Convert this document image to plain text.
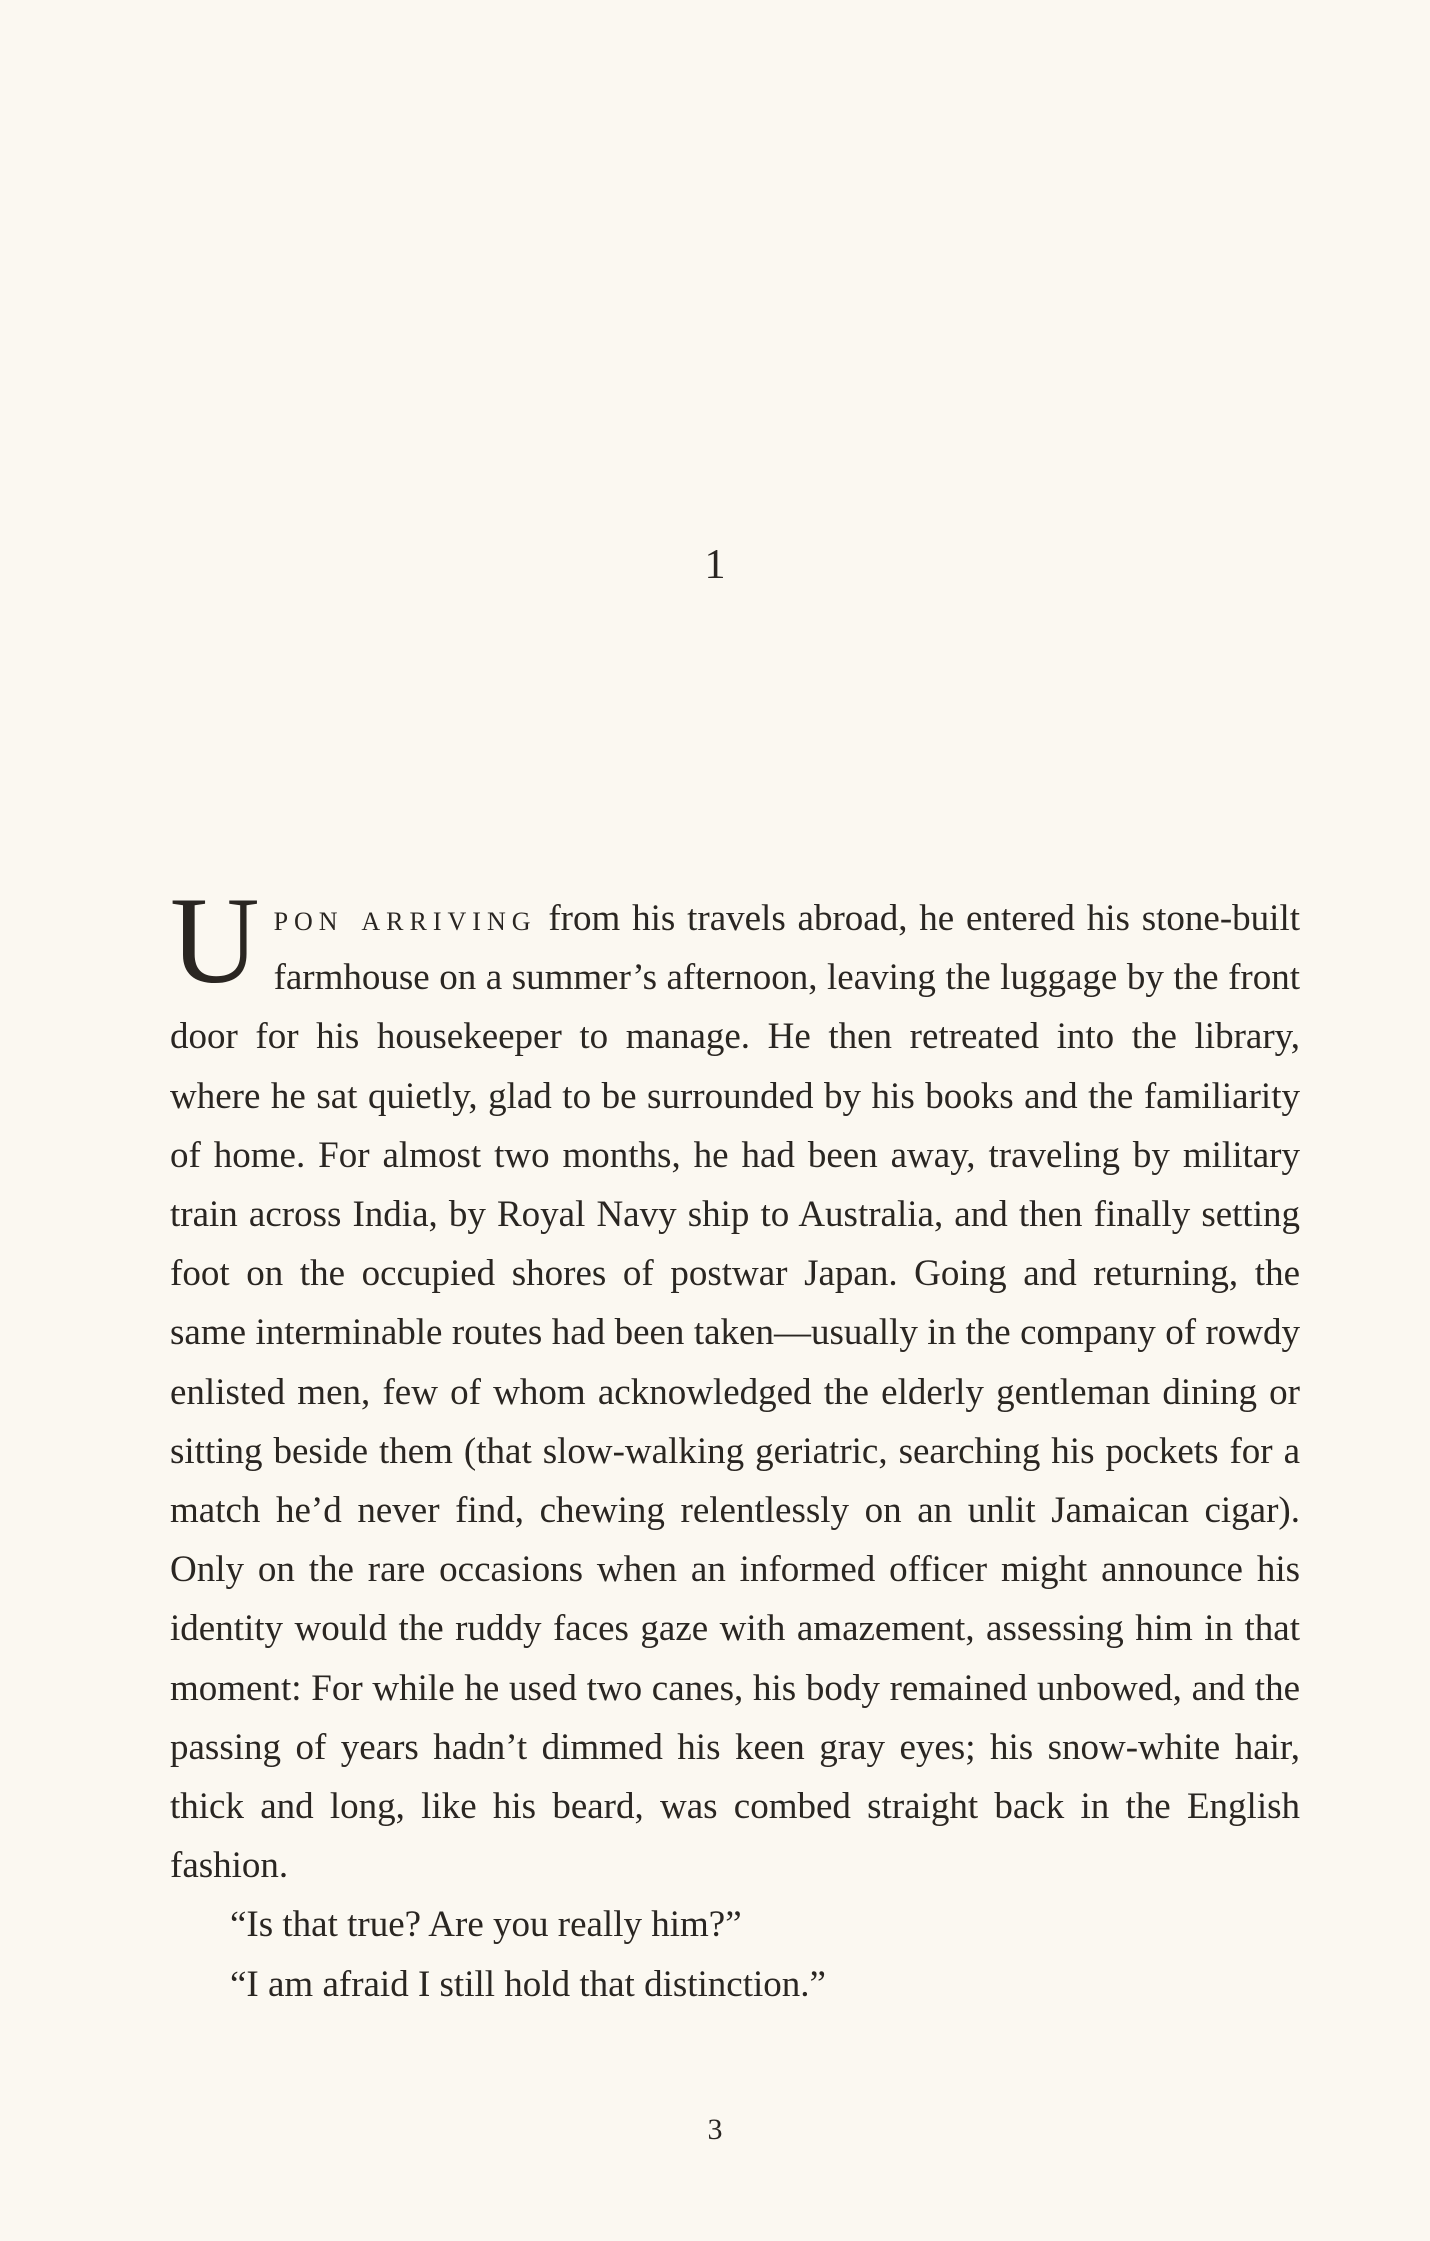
1

Upon arriving from his travels abroad, he entered his stone-built farmhouse on a summer’s afternoon, leaving the luggage by the front door for his housekeeper to manage. He then retreated into the library, where he sat quietly, glad to be surrounded by his books and the familiarity of home. For almost two months, he had been away, traveling by military train across India, by Royal Navy ship to Australia, and then finally setting foot on the occupied shores of postwar Japan. Going and returning, the same interminable routes had been taken—usually in the company of rowdy enlisted men, few of whom acknowledged the elderly gentleman dining or sitting beside them (that slow-walking geriatric, searching his pockets for a match he’d never find, chewing relentlessly on an unlit Jamaican cigar). Only on the rare occasions when an informed officer might announce his identity would the ruddy faces gaze with amazement, assessing him in that moment: For while he used two canes, his body remained unbowed, and the passing of years hadn’t dimmed his keen gray eyes; his snow-white hair, thick and long, like his beard, was combed straight back in the English fashion.

“Is that true? Are you really him?”

“I am afraid I still hold that distinction.”

3
